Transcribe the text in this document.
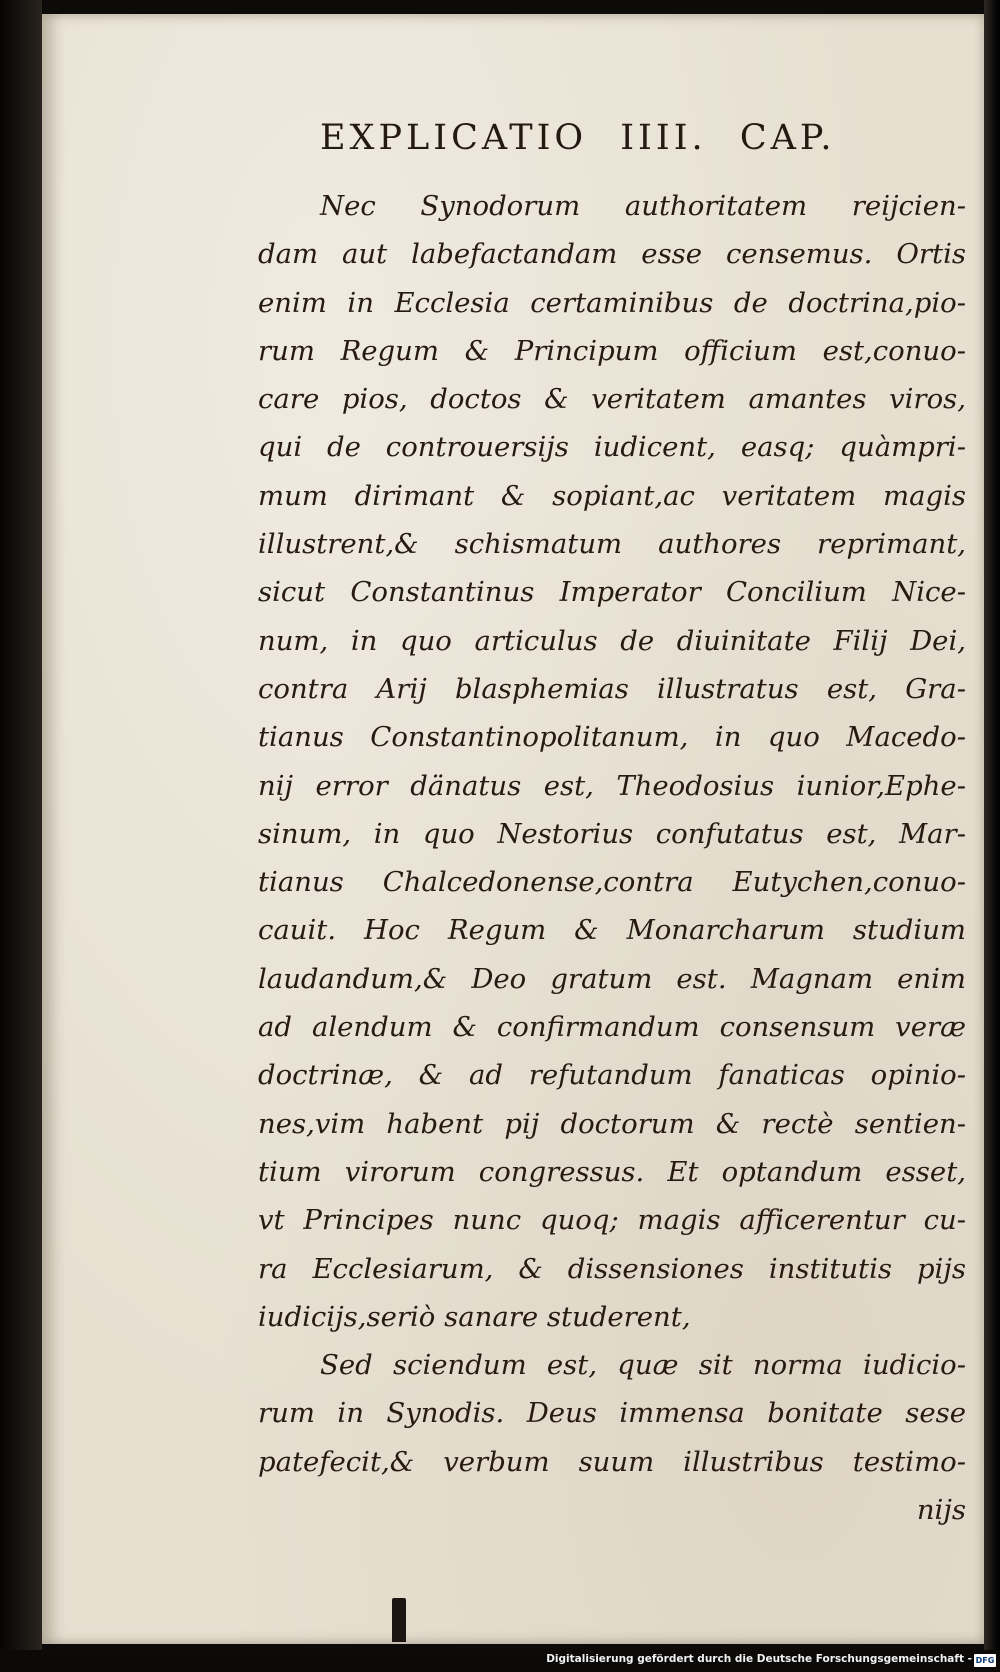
EXPLICATIO IIII. CAP.
Nec Synodorum authoritatem reijcien-
dam aut labefactandam esse censemus. Ortis
enim in Ecclesia certaminibus de doctrina,pio-
rum Regum & Principum officium est,conuo-
care pios, doctos & veritatem amantes viros,
qui de controuersijs iudicent, easq; quàmpri-
mum dirimant & sopiant,ac veritatem magis
illustrent,& schismatum authores reprimant,
sicut Constantinus Imperator Concilium Nice-
num, in quo articulus de diuinitate Filij Dei,
contra Arij blasphemias illustratus est, Gra-
tianus Constantinopolitanum, in quo Macedo-
nij error dänatus est, Theodosius iunior,Ephe-
sinum, in quo Nestorius confutatus est, Mar-
tianus Chalcedonense,contra Eutychen,conuo-
cauit. Hoc Regum & Monarcharum studium
laudandum,& Deo gratum est. Magnam enim
ad alendum & confirmandum consensum veræ
doctrinæ, & ad refutandum fanaticas opinio-
nes,vim habent pij doctorum & rectè sentien-
tium virorum congressus. Et optandum esset,
vt Principes nunc quoq; magis afficerentur cu-
ra Ecclesiarum, & dissensiones institutis pijs
iudicijs,seriò sanare studerent,
Sed sciendum est, quæ sit norma iudicio-
rum in Synodis. Deus immensa bonitate sese
patefecit,& verbum suum illustribus testimo-
nijs
Digitalisierung gefördert durch die Deutsche Forschungsgemeinschaft - DFG
